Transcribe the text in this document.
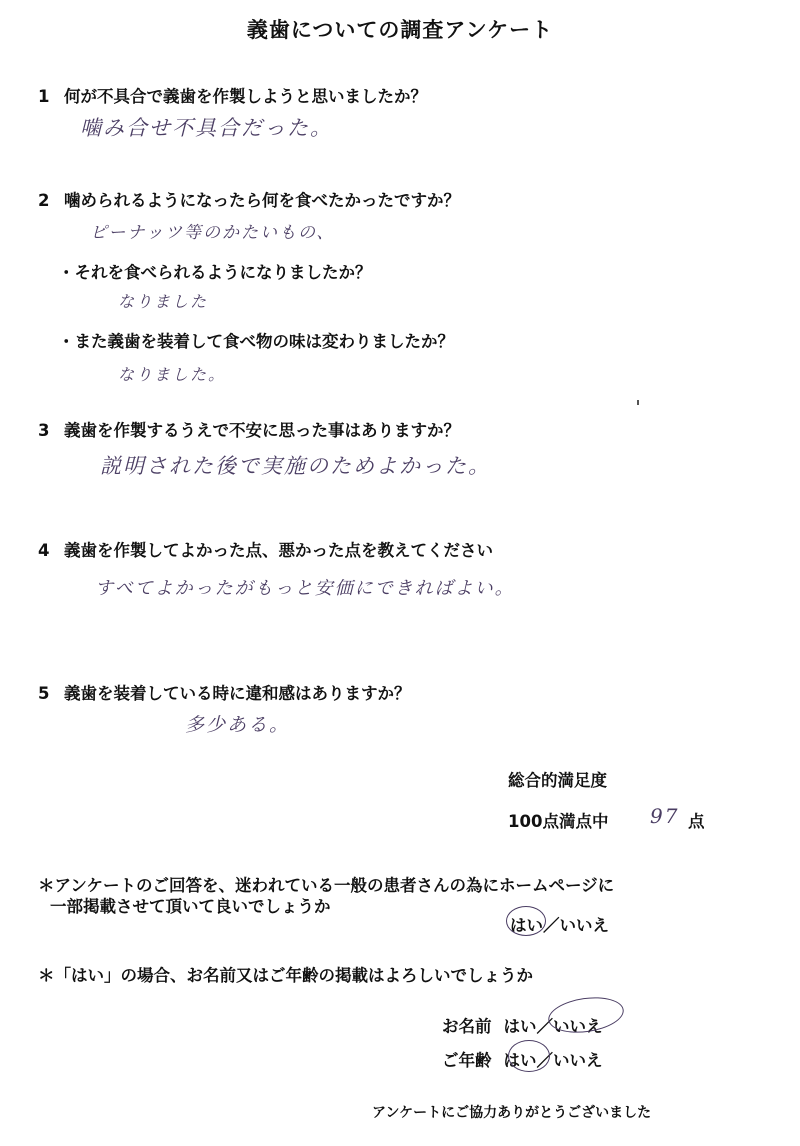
義歯についての調査アンケート
1 何が不具合で義歯を作製しようと思いましたか？
噛み合せ不具合だった。
2 噛められるようになったら何を食べたかったですか？
ピーナッツ等のかたいもの、
・それを食べられるようになりましたか？
なりました
・また義歯を装着して食べ物の味は変わりましたか？
なりました。
3 義歯を作製するうえで不安に思った事はありますか？
説明された後で実施のためよかった。
4 義歯を作製してよかった点、悪かった点を教えてください
すべてよかったがもっと安価にできればよい。
5 義歯を装着している時に違和感はありますか？
多少ある。
総合的満足度
100点満点中 97 点
＊アンケートのご回答を、迷われている一般の患者さんの為にホームページに
一部掲載させて頂いて良いでしょうか
はい／いいえ
＊「はい」の場合、お名前又はご年齢の掲載はよろしいでしょうか
お名前 はい／いいえ
ご年齢 はい／いいえ
アンケートにご協力ありがとうございました
